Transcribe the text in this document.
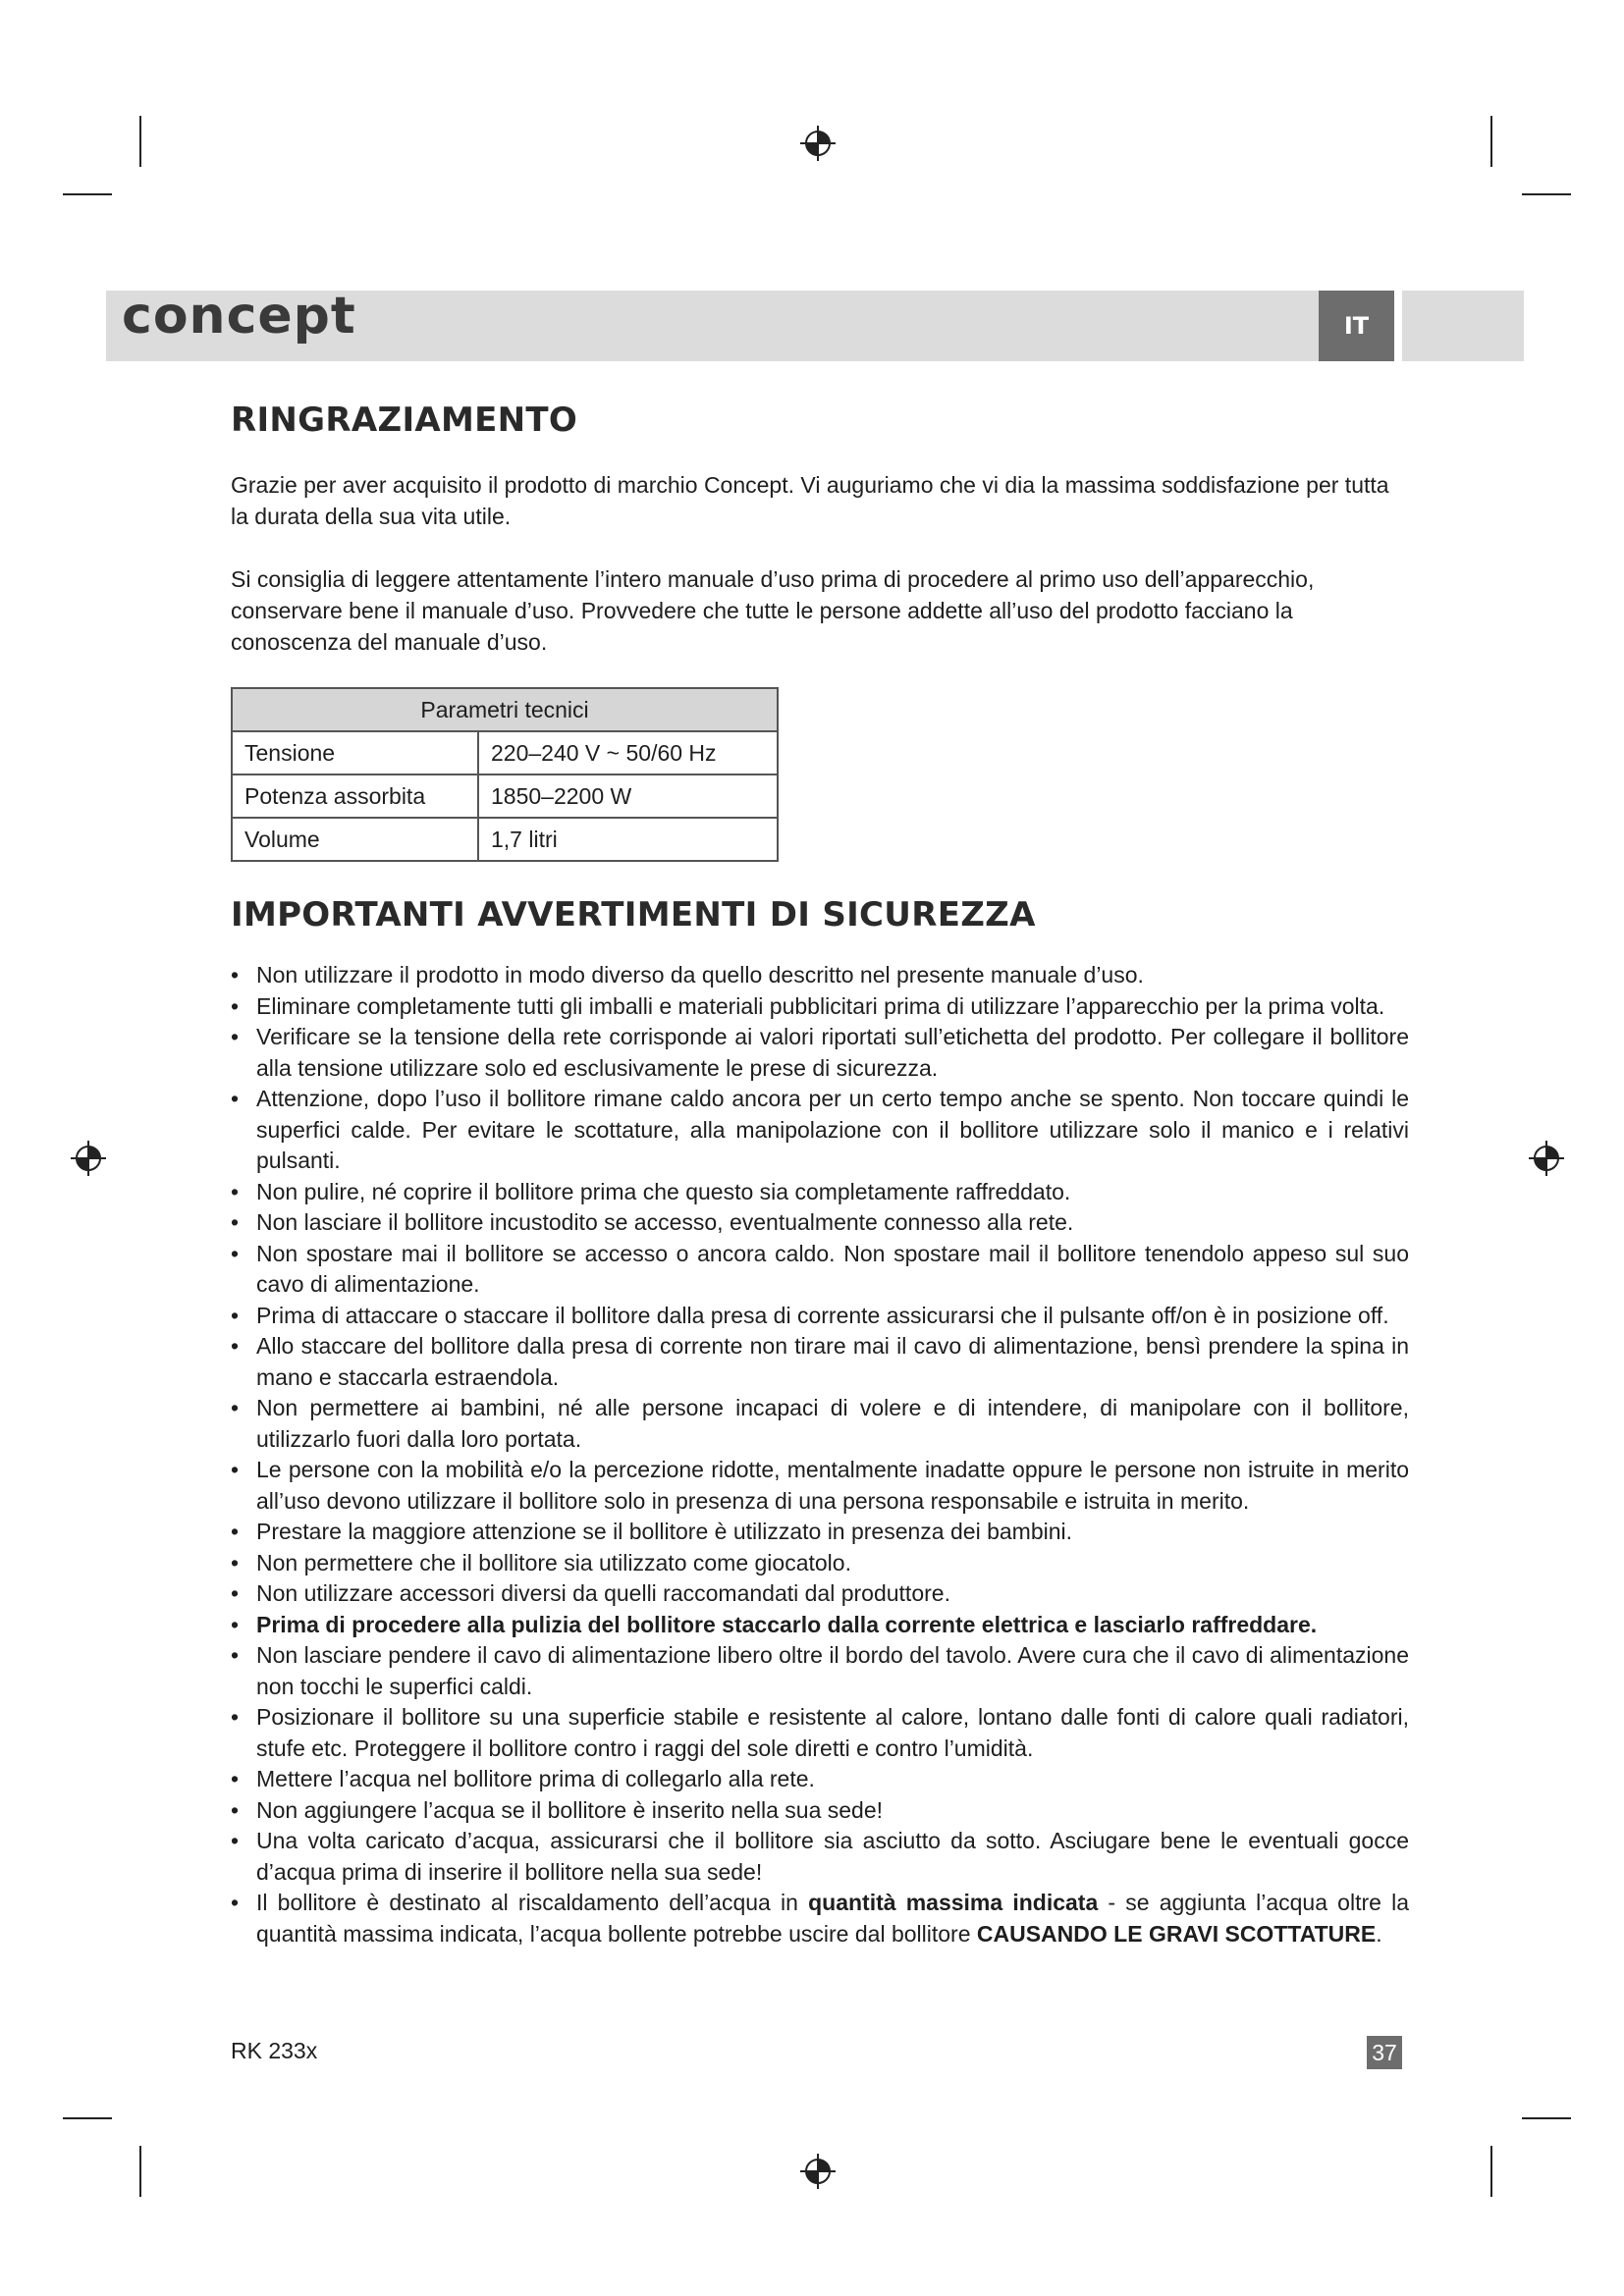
concept	IT
RINGRAZIAMENTO

Grazie per aver acquisito il prodotto di marchio Concept. Vi auguriamo che vi dia la massima soddisfazione per tutta la durata della sua vita utile.

Si consiglia di leggere attentamente l’intero manuale d’uso prima di procedere al primo uso dell’apparecchio, conservare bene il manuale d’uso. Provvedere che tutte le persone addette all’uso del prodotto facciano la conoscenza del manuale d’uso.

Parametri tecnici	
Tensione	220–240 V ~ 50/60 Hz
Potenza assorbita	1850–2200 W
Volume	1,7 litri
IMPORTANTI AVVERTIMENTI DI SICUREZZA
• Non utilizzare il prodotto in modo diverso da quello descritto nel presente manuale d’uso.
• Eliminare completamente tutti gli imballi e materiali pubblicitari prima di utilizzare l’apparecchio per la prima volta.
• Verificare se la tensione della rete corrisponde ai valori riportati sull’etichetta del prodotto. Per collegare il bollitore alla tensione utilizzare solo ed esclusivamente le prese di sicurezza.
• Attenzione, dopo l’uso il bollitore rimane caldo ancora per un certo tempo anche se spento. Non toccare quindi le superfici calde. Per evitare le scottature, alla manipolazione con il bollitore utilizzare solo il manico e i relativi pulsanti.
• Non pulire, né coprire il bollitore prima che questo sia completamente raffreddato.
• Non lasciare il bollitore incustodito se accesso, eventualmente connesso alla rete.
• Non spostare mai il bollitore se accesso o ancora caldo. Non spostare mail il bollitore tenendolo appeso sul suo cavo di alimentazione.
• Prima di attaccare o staccare il bollitore dalla presa di corrente assicurarsi che il pulsante off/on è in posizione off.
• Allo staccare del bollitore dalla presa di corrente non tirare mai il cavo di alimentazione, bensì prendere la spina in mano e staccarla estraendola.
• Non permettere ai bambini, né alle persone incapaci di volere e di intendere, di manipolare con il bollitore, utilizzarlo fuori dalla loro portata.
• Le persone con la mobilità e/o la percezione ridotte, mentalmente inadatte oppure le persone non istruite in merito all’uso devono utilizzare il bollitore solo in presenza di una persona responsabile e istruita in merito.
• Prestare la maggiore attenzione se il bollitore è utilizzato in presenza dei bambini.
• Non permettere che il bollitore sia utilizzato come giocatolo.
• Non utilizzare accessori diversi da quelli raccomandati dal produttore.
• Prima di procedere alla pulizia del bollitore staccarlo dalla corrente elettrica e lasciarlo raffreddare.
• Non lasciare pendere il cavo di alimentazione libero oltre il bordo del tavolo. Avere cura che il cavo di alimentazione non tocchi le superfici caldi.
• Posizionare il bollitore su una superficie stabile e resistente al calore, lontano dalle fonti di calore quali radiatori, stufe etc. Proteggere il bollitore contro i raggi del sole diretti e contro l’umidità.
• Mettere l’acqua nel bollitore prima di collegarlo alla rete.
• Non aggiungere l’acqua se il bollitore è inserito nella sua sede!
• Una volta caricato d’acqua, assicurarsi che il bollitore sia asciutto da sotto. Asciugare bene le eventuali gocce d’acqua prima di inserire il bollitore nella sua sede!
• Il bollitore è destinato al riscaldamento dell’acqua in quantità massima indicata - se aggiunta l’acqua oltre la quantità massima indicata, l’acqua bollente potrebbe uscire dal bollitore CAUSANDO LE GRAVI SCOTTATURE.
RK 233x	37
